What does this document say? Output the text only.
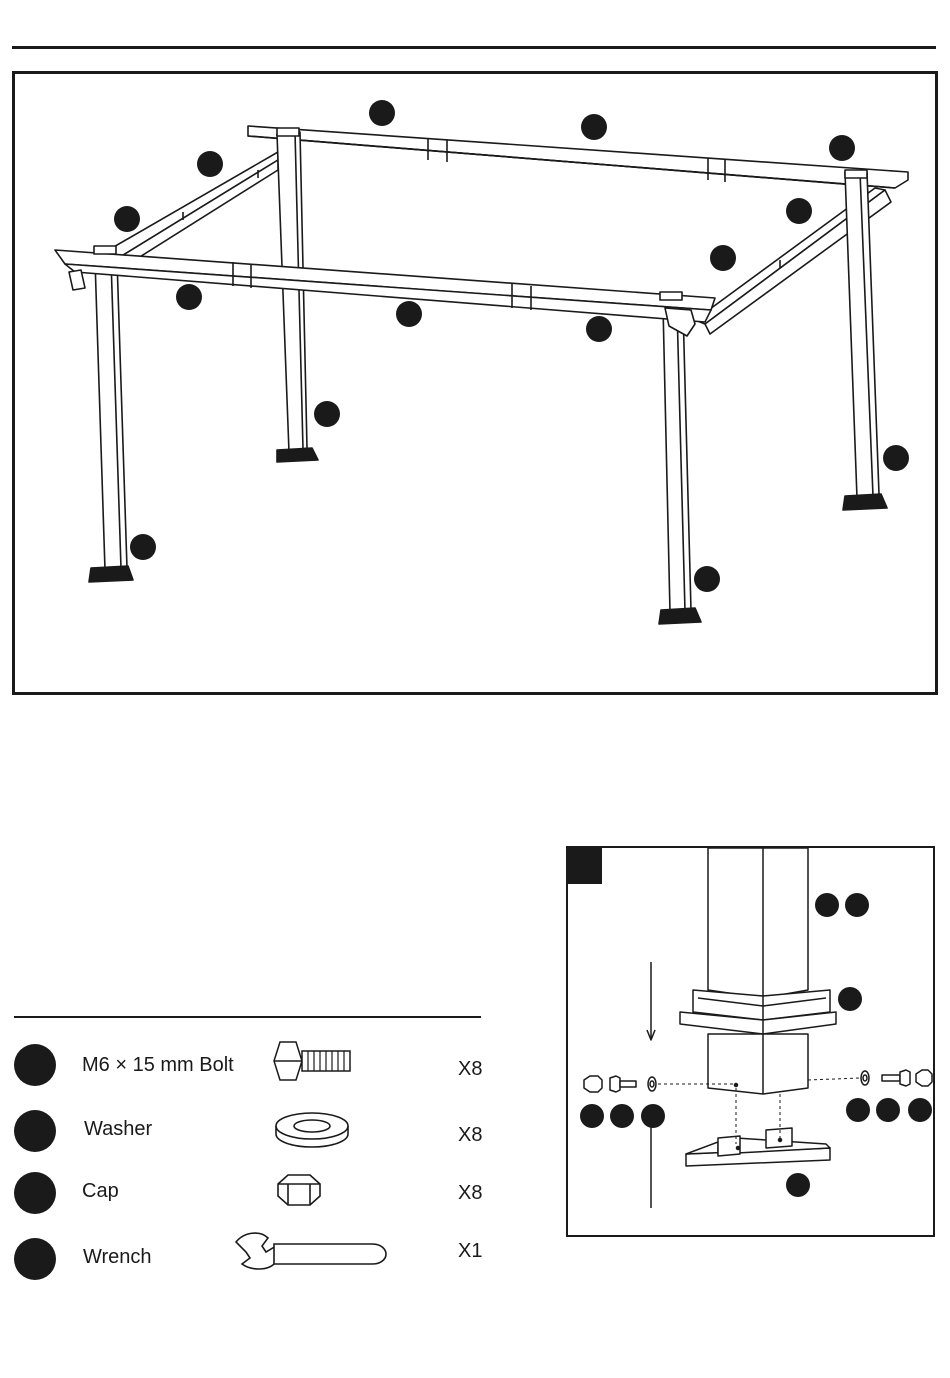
M6 × 15 mm Bolt	X8
Washer	X8
Cap	X8
Wrench	X1
